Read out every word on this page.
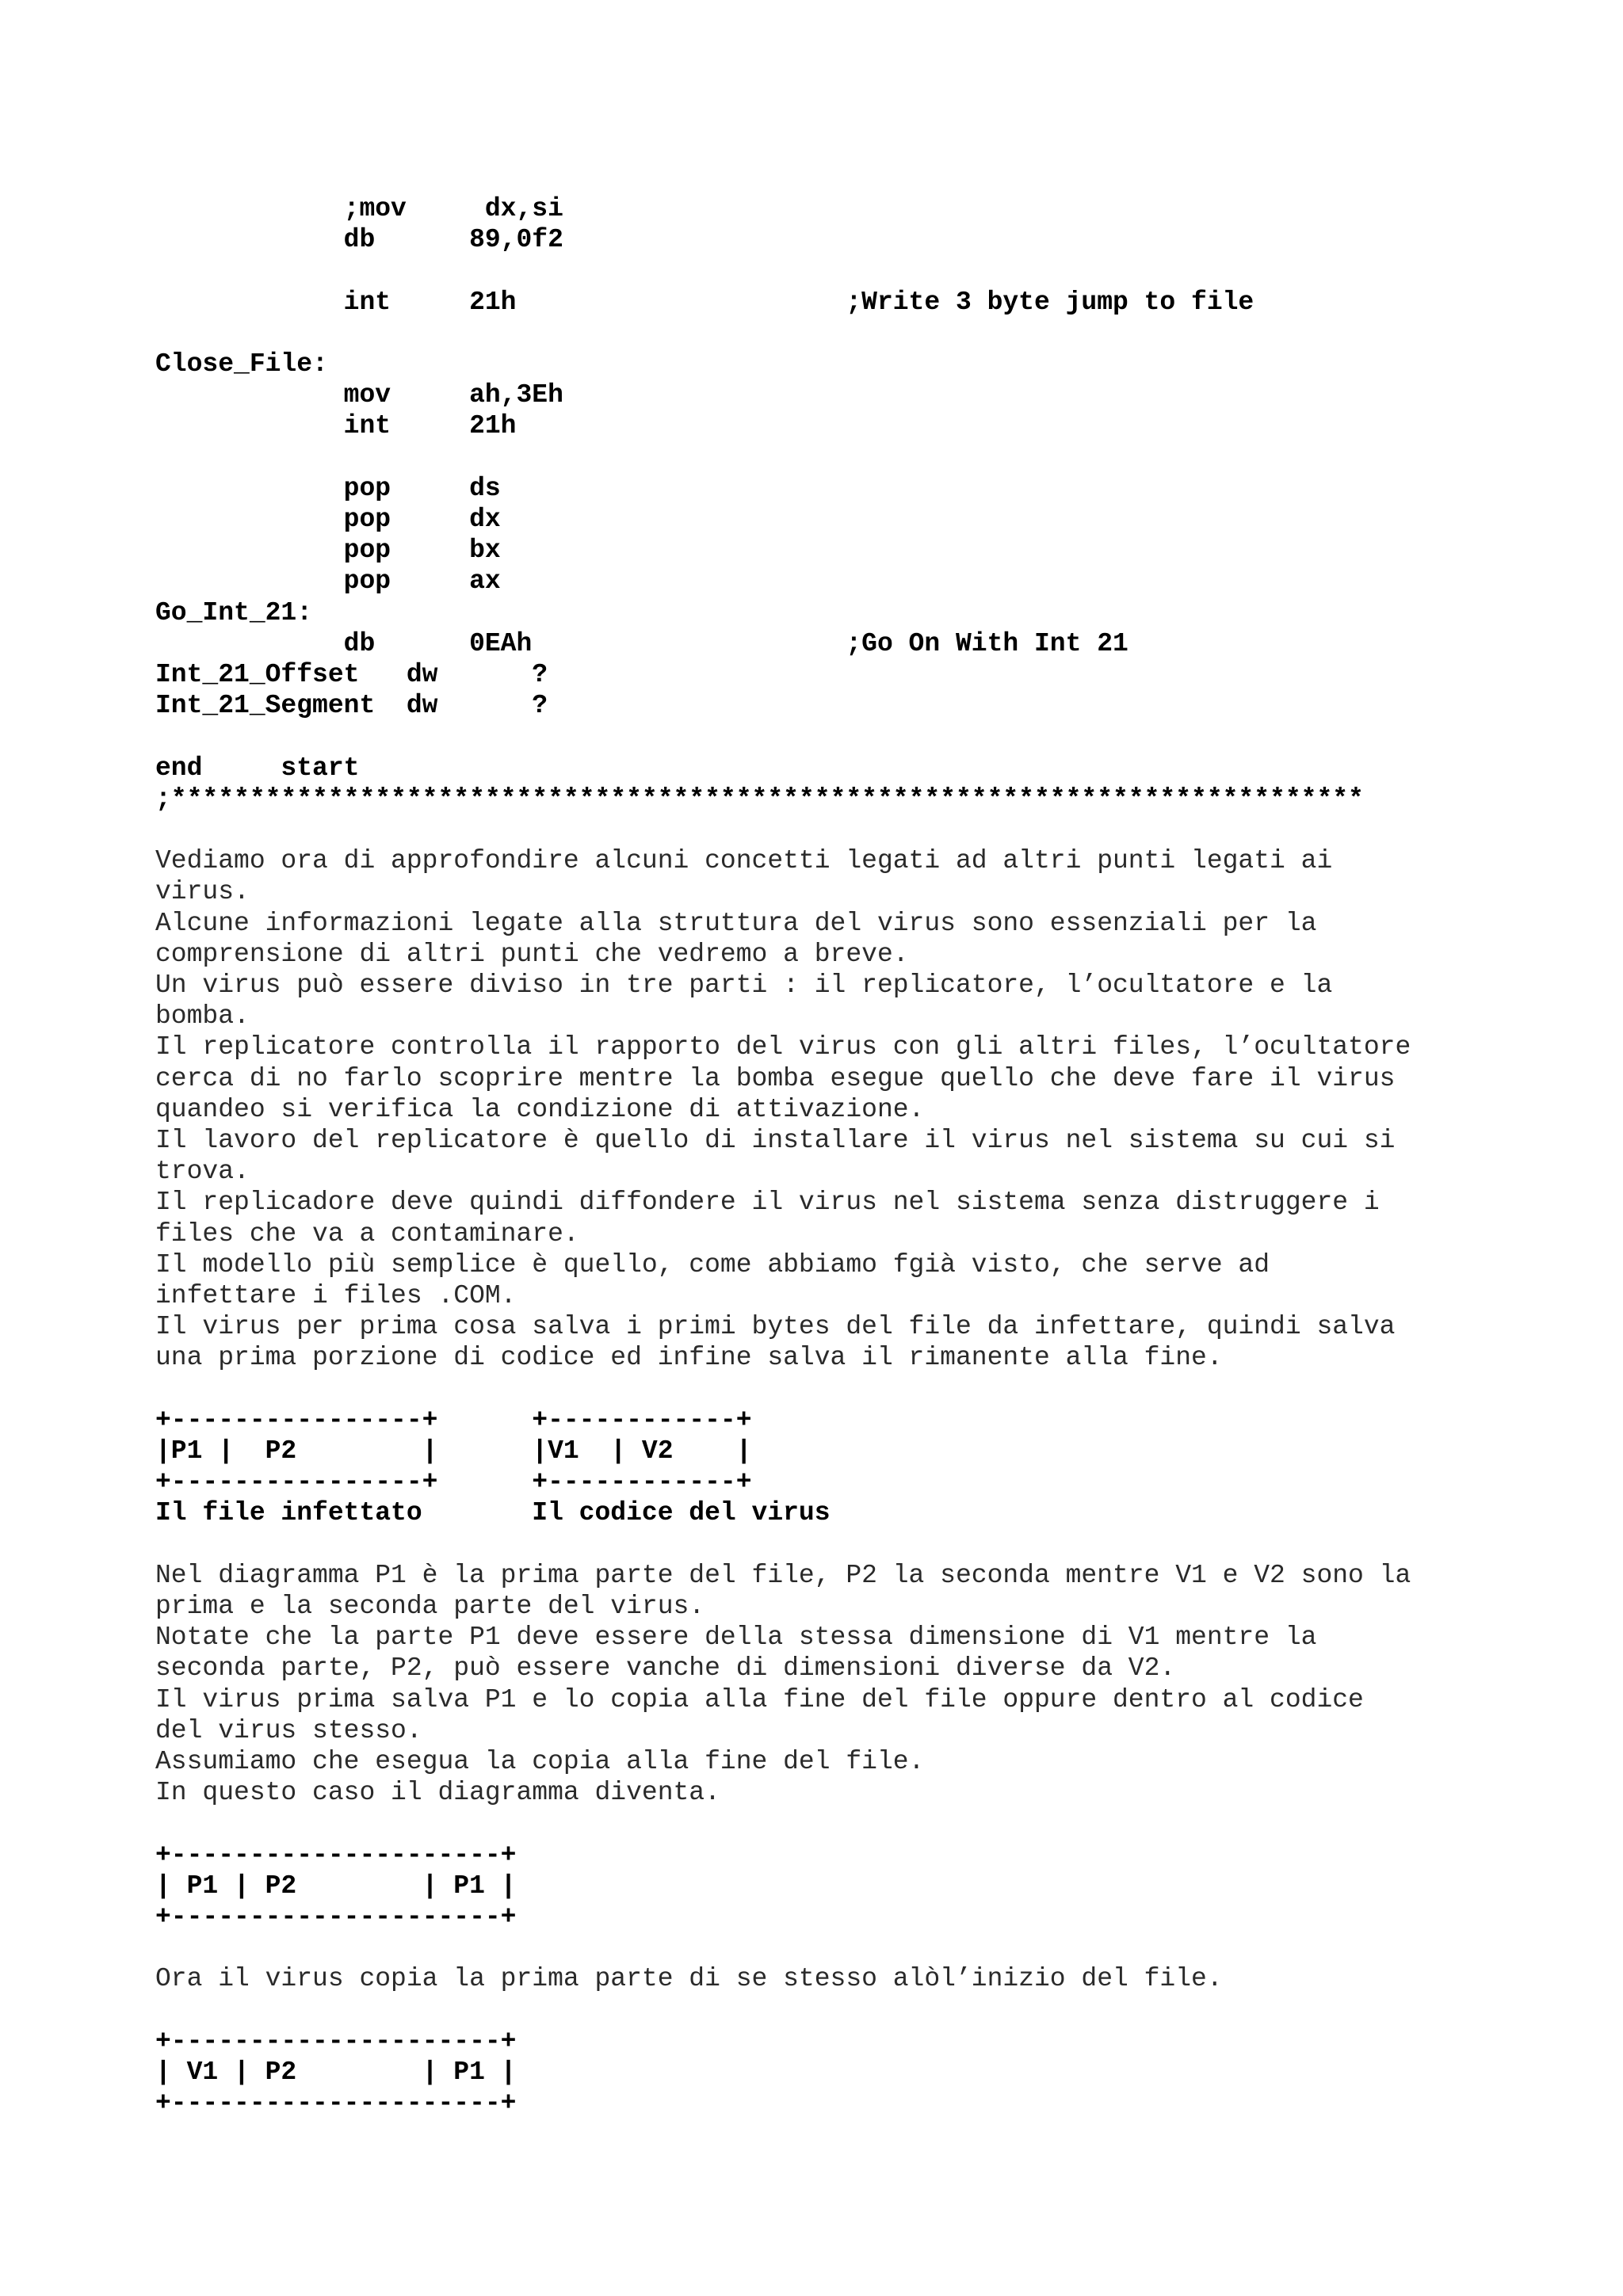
;mov     dx,si
db      89,0f2
int     21h                     ;Write 3 byte jump to file
Close_File:
mov     ah,3Eh
int     21h
pop     ds
pop     dx
pop     bx
pop     ax
Go_Int_21:
db      0EAh                    ;Go On With Int 21
Int_21_Offset   dw      ?
Int_21_Segment  dw      ?
end     start
;****************************************************************************
Vediamo ora di approfondire alcuni concetti legati ad altri punti legati ai
virus.
Alcune informazioni legate alla struttura del virus sono essenziali per la
comprensione di altri punti che vedremo a breve.
Un virus può essere diviso in tre parti : il replicatore, l’ocultatore e la
bomba.
Il replicatore controlla il rapporto del virus con gli altri files, l’ocultatore
cerca di no farlo scoprire mentre la bomba esegue quello che deve fare il virus
quandeo si verifica la condizione di attivazione.
Il lavoro del replicatore è quello di installare il virus nel sistema su cui si
trova.
Il replicadore deve quindi diffondere il virus nel sistema senza distruggere i
files che va a contaminare.
Il modello più semplice è quello, come abbiamo fgià visto, che serve ad
infettare i files .COM.
Il virus per prima cosa salva i primi bytes del file da infettare, quindi salva
una prima porzione di codice ed infine salva il rimanente alla fine.
+----------------+      +------------+
|P1 |  P2        |      |V1  | V2    |
+----------------+      +------------+
Il file infettato       Il codice del virus
Nel diagramma P1 è la prima parte del file, P2 la seconda mentre V1 e V2 sono la
prima e la seconda parte del virus.
Notate che la parte P1 deve essere della stessa dimensione di V1 mentre la
seconda parte, P2, può essere vanche di dimensioni diverse da V2.
Il virus prima salva P1 e lo copia alla fine del file oppure dentro al codice
del virus stesso.
Assumiamo che esegua la copia alla fine del file.
In questo caso il diagramma diventa.
+---------------------+
| P1 | P2        | P1 |
+---------------------+
Ora il virus copia la prima parte di se stesso alòl’inizio del file.
+---------------------+
| V1 | P2        | P1 |
+---------------------+
